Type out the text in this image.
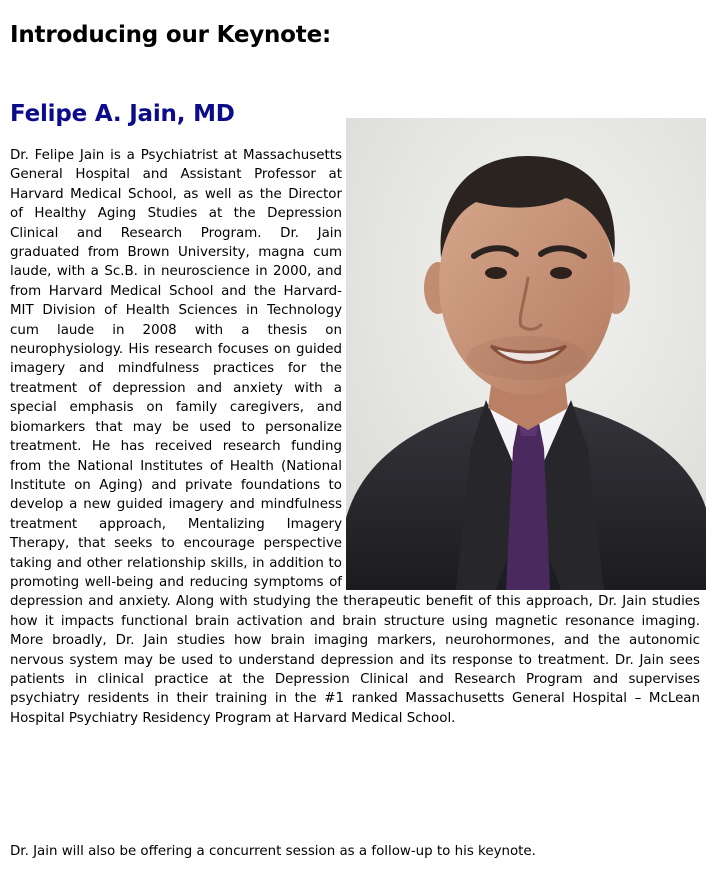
Introducing our Keynote:
Felipe A. Jain, MD

Dr. Felipe Jain is a Psychiatrist at Massachusetts General Hospital and Assistant Professor at Harvard Medical School, as well as the Director of Healthy Aging Studies at the Depression Clinical and Research Program. Dr. Jain graduated from Brown University, magna cum laude, with a Sc.B. in neuroscience in 2000, and from Harvard Medical School and the Harvard-MIT Division of Health Sciences in Technology cum laude in 2008 with a thesis on neurophysiology. His research focuses on guided imagery and mindfulness practices for the treatment of depression and anxiety with a special emphasis on family caregivers, and biomarkers that may be used to personalize treatment. He has received research funding from the National Institutes of Health (National Institute on Aging) and private foundations to develop a new guided imagery and mindfulness treatment approach, Mentalizing Imagery Therapy, that seeks to encourage perspective taking and other relationship skills, in addition to promoting well-being and reducing symptoms of depression and anxiety. Along with studying the therapeutic benefit of this approach, Dr. Jain studies how it impacts functional brain activation and brain structure using magnetic resonance imaging. More broadly, Dr. Jain studies how brain imaging markers, neurohormones, and the autonomic nervous system may be used to understand depression and its response to treatment. Dr. Jain sees patients in clinical practice at the Depression Clinical and Research Program and supervises psychiatry residents in their training in the #1 ranked Massachusetts General Hospital – McLean Hospital Psychiatry Residency Program at Harvard Medical School.

Dr. Jain will also be offering a concurrent session as a follow-up to his keynote.
